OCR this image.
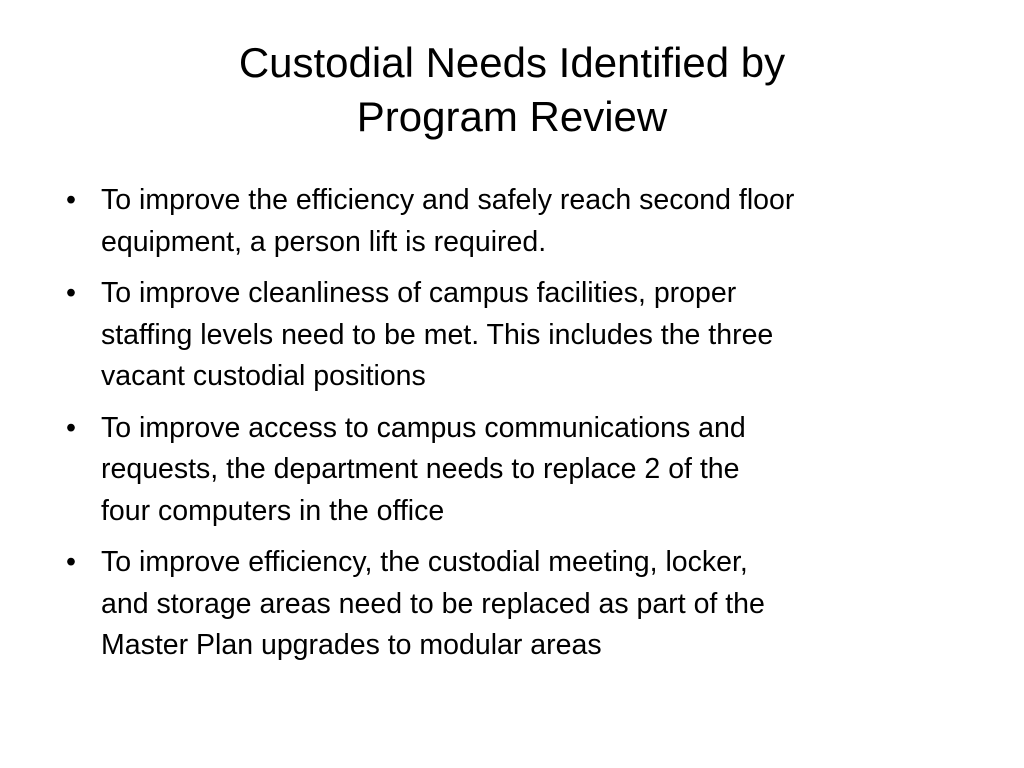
Custodial Needs Identified by
Program Review
• To improve the efficiency and safely reach second floor
equipment, a person lift is required.
• To improve cleanliness of campus facilities, proper
staffing levels need to be met. This includes the three
vacant custodial positions
• To improve access to campus communications and
requests, the department needs to replace 2 of the
four computers in the office
• To improve efficiency, the custodial meeting, locker,
and storage areas need to be replaced as part of the
Master Plan upgrades to modular areas
